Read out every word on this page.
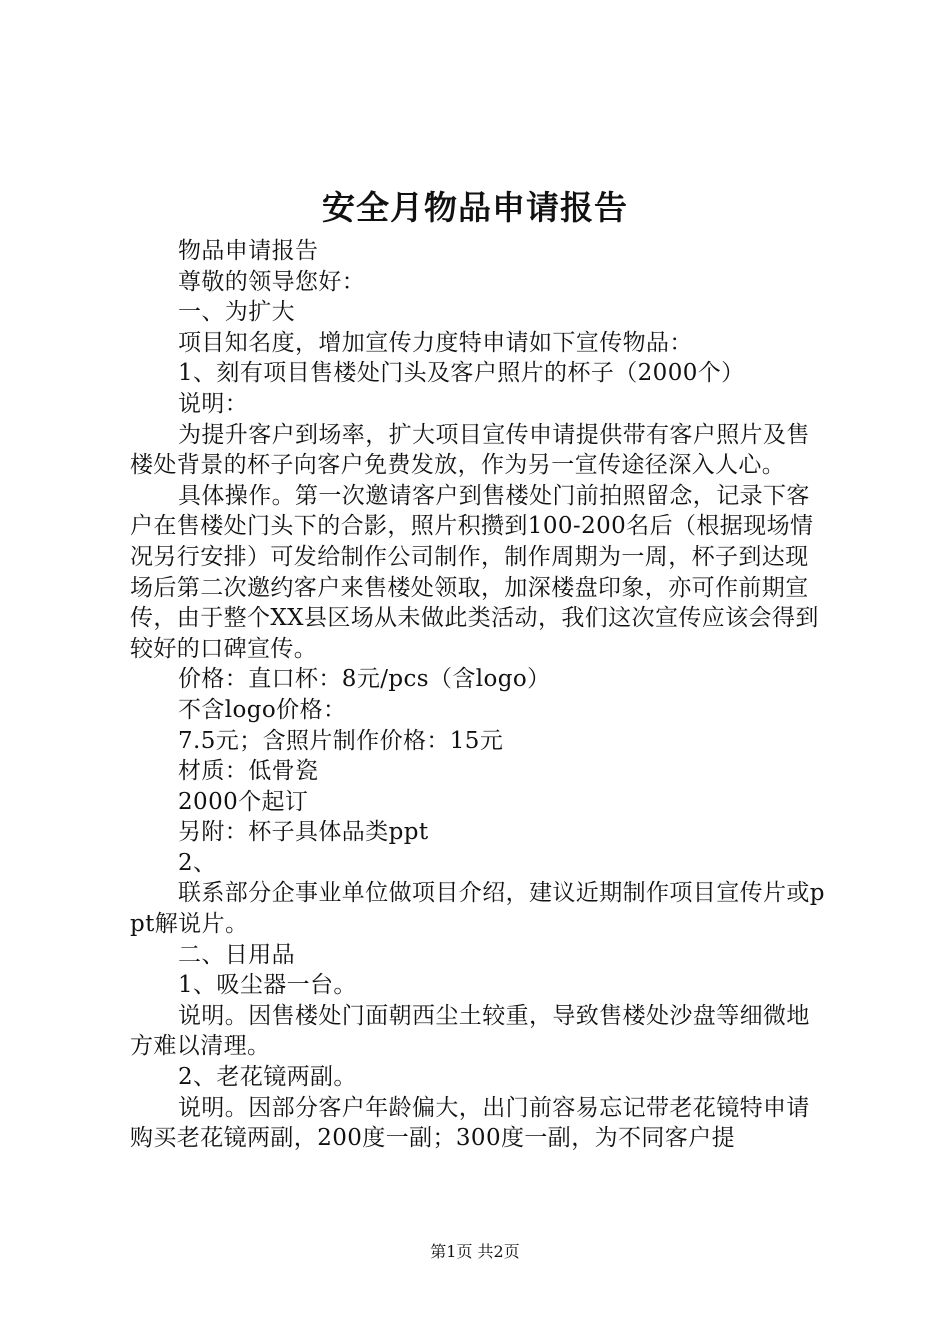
安全月物品申请报告

物品申请报告

尊敬的领导您好：

一、为扩大

项目知名度，增加宣传力度特申请如下宣传物品：

1、刻有项目售楼处门头及客户照片的杯子（2000个）

说明：

为提升客户到场率，扩大项目宣传申请提供带有客户照片及售楼处背景的杯子向客户免费发放，作为另一宣传途径深入人心。

具体操作。第一次邀请客户到售楼处门前拍照留念，记录下客户在售楼处门头下的合影，照片积攒到100-200名后（根据现场情况另行安排）可发给制作公司制作，制作周期为一周，杯子到达现场后第二次邀约客户来售楼处领取，加深楼盘印象，亦可作前期宣传，由于整个XX县区场从未做此类活动，我们这次宣传应该会得到较好的口碑宣传。

价格：直口杯：8元/pcs（含logo）

不含logo价格：

7.5元；含照片制作价格：15元

材质：低骨瓷

2000个起订

另附：杯子具体品类ppt

2、

联系部分企事业单位做项目介绍，建议近期制作项目宣传片或ppt解说片。

二、日用品

1、吸尘器一台。

说明。因售楼处门面朝西尘土较重，导致售楼处沙盘等细微地方难以清理。

2、老花镜两副。

说明。因部分客户年龄偏大，出门前容易忘记带老花镜特申请购买老花镜两副，200度一副；300度一副，为不同客户提

第1页 共2页
